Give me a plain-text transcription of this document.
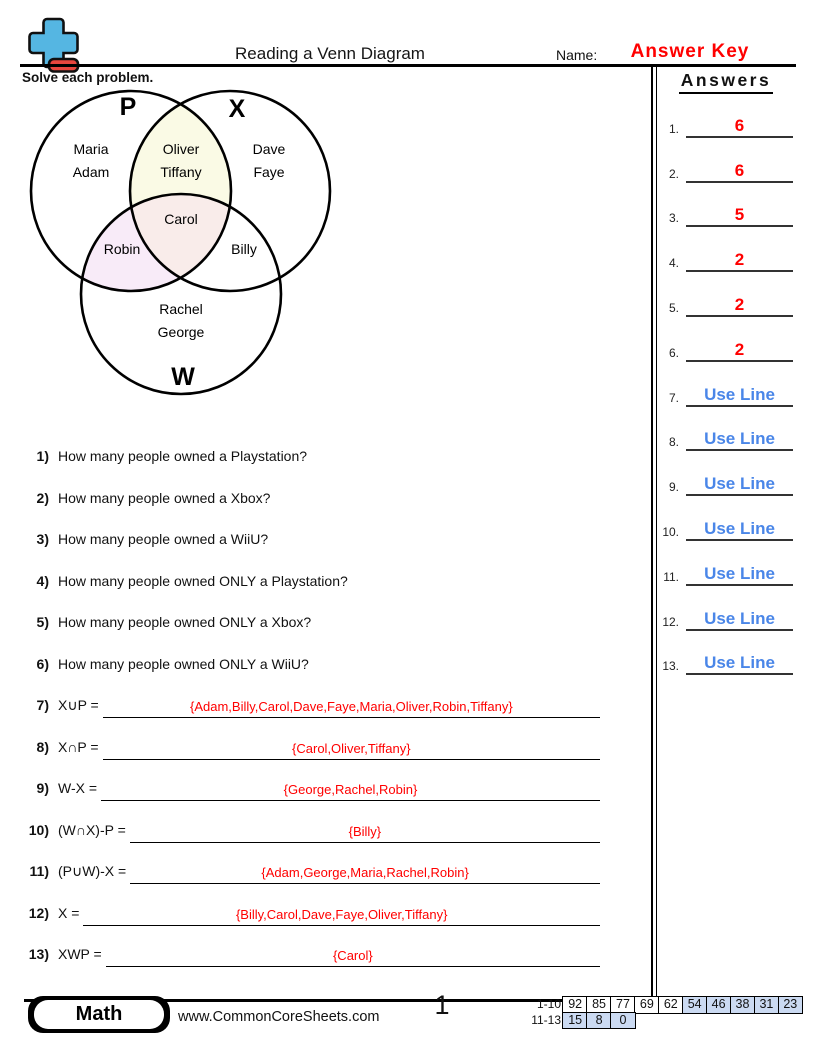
Reading a Venn Diagram	Name:	Answer Key
Solve each problem.
P	X
W
Maria
Adam
Oliver
Tiffany
Dave
Faye
Carol
Robin	Billy
Rachel
George
1) How many people owned a Playstation?
2) How many people owned a Xbox?
3) How many people owned a WiiU?
4) How many people owned ONLY a Playstation?
5) How many people owned ONLY a Xbox?
6) How many people owned ONLY a WiiU?
7) X∪P =	{Adam,Billy,Carol,Dave,Faye,Maria,Oliver,Robin,Tiffany}
8) X∩P =	{Carol,Oliver,Tiffany}
9) W-X =	{George,Rachel,Robin}
10) (W∩X)-P =	{Billy}
11) (P∪W)-X =	{Adam,George,Maria,Rachel,Robin}
12) X =	{Billy,Carol,Dave,Faye,Oliver,Tiffany}
13) XWP =	{Carol}
Answers
1.	6
2.	6
3.	5
4.	2
5.	2
6.	2
7. Use Line
8. Use Line
9. Use Line
10. Use Line
11. Use Line
12. Use Line
13. Use Line
Math	www.CommonCoreSheets.com	1	1-10 92 85 77 69 62 54 46 38 31 23
11-13 15	8	0
